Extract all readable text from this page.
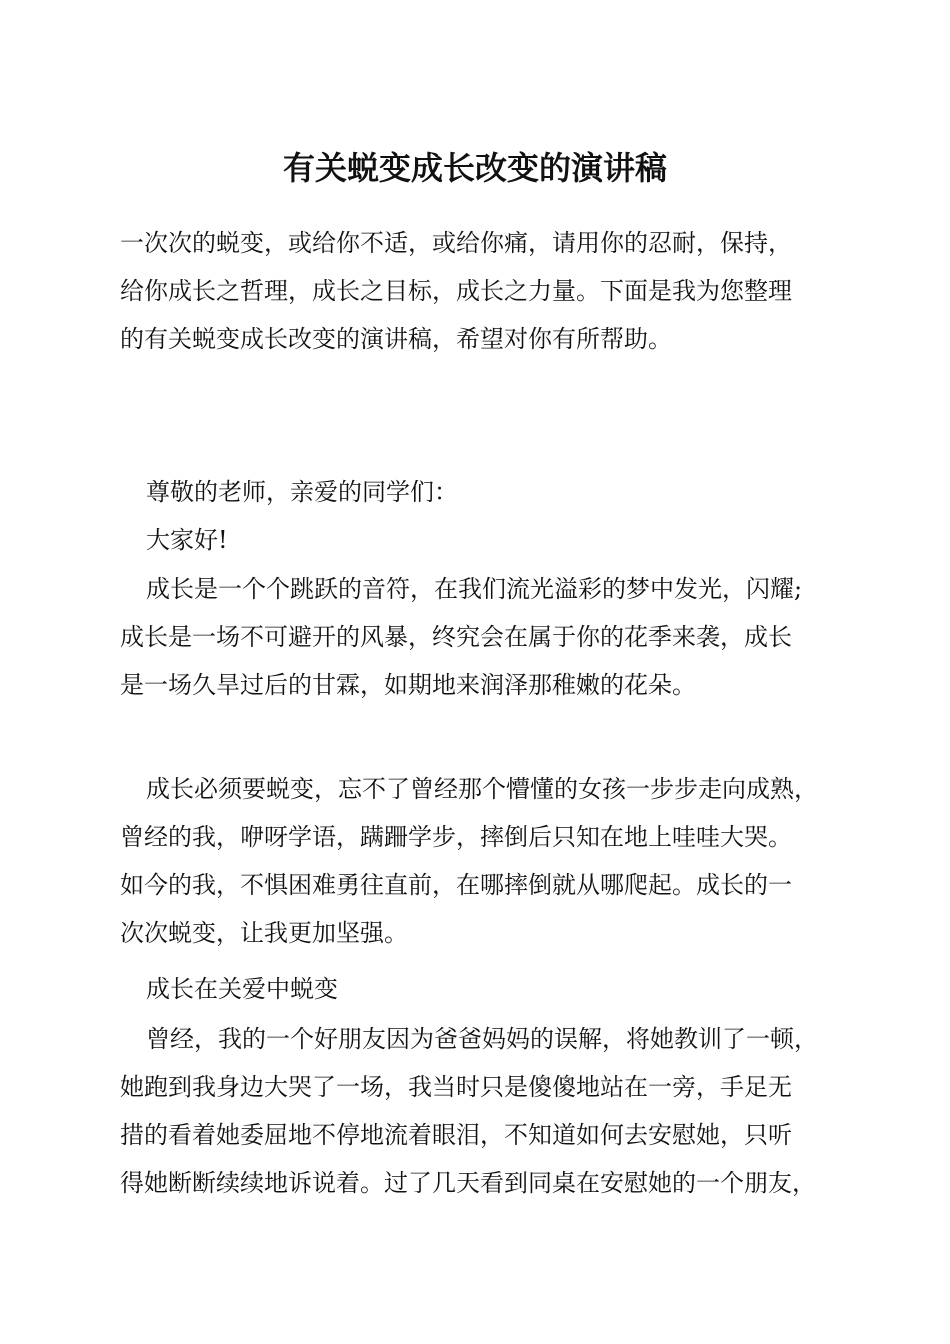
有关蜕变成长改变的演讲稿
一次次的蜕变，或给你不适，或给你痛，请用你的忍耐，保持，
给你成长之哲理，成长之目标，成长之力量。下面是我为您整理
的有关蜕变成长改变的演讲稿，希望对你有所帮助。
尊敬的老师，亲爱的同学们：
大家好!
成长是一个个跳跃的音符，在我们流光溢彩的梦中发光，闪耀;
成长是一场不可避开的风暴，终究会在属于你的花季来袭，成长
是一场久旱过后的甘霖，如期地来润泽那稚嫩的花朵。
成长必须要蜕变，忘不了曾经那个懵懂的女孩一步步走向成熟，
曾经的我，咿呀学语，蹒跚学步，摔倒后只知在地上哇哇大哭。
如今的我，不惧困难勇往直前，在哪摔倒就从哪爬起。成长的一
次次蜕变，让我更加坚强。
成长在关爱中蜕变
曾经，我的一个好朋友因为爸爸妈妈的误解，将她教训了一顿，
她跑到我身边大哭了一场，我当时只是傻傻地站在一旁，手足无
措的看着她委屈地不停地流着眼泪，不知道如何去安慰她，只听
得她断断续续地诉说着。过了几天看到同桌在安慰她的一个朋友，
